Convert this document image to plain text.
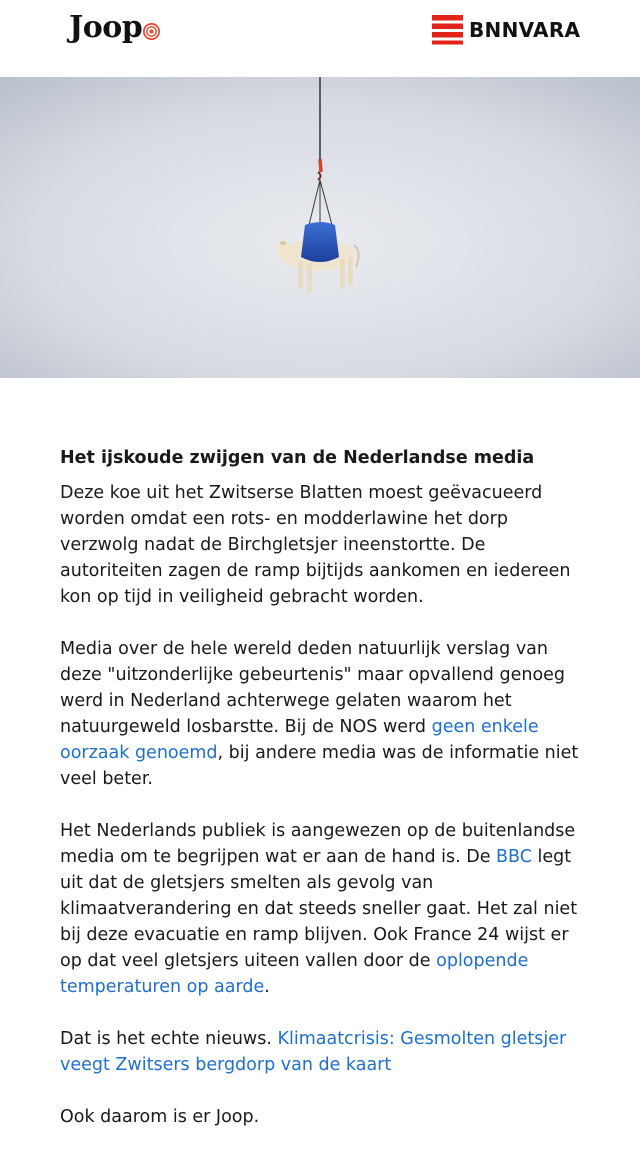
Joop	BNNVARA
Het ijskoude zwijgen van de Nederlandse media

Deze koe uit het Zwitserse Blatten moest geëvacueerd worden omdat een rots- en modderlawine het dorp verzwolg nadat de Birchgletsjer ineenstortte. De autoriteiten zagen de ramp bijtijds aankomen en iedereen kon op tijd in veiligheid gebracht worden.

Media over de hele wereld deden natuurlijk verslag van deze "uitzonderlijke gebeurtenis" maar opvallend genoeg werd in Nederland achterwege gelaten waarom het natuurgeweld losbarstte. Bij de NOS werd geen enkele oorzaak genoemd, bij andere media was de informatie niet veel beter.

Het Nederlands publiek is aangewezen op de buitenlandse media om te begrijpen wat er aan de hand is. De BBC legt uit dat de gletsjers smelten als gevolg van klimaatverandering en dat steeds sneller gaat. Het zal niet bij deze evacuatie en ramp blijven. Ook France 24 wijst er op dat veel gletsjers uiteen vallen door de oplopende temperaturen op aarde.

Dat is het echte nieuws. Klimaatcrisis: Gesmolten gletsjer veegt Zwitsers bergdorp van de kaart

Ook daarom is er Joop.
